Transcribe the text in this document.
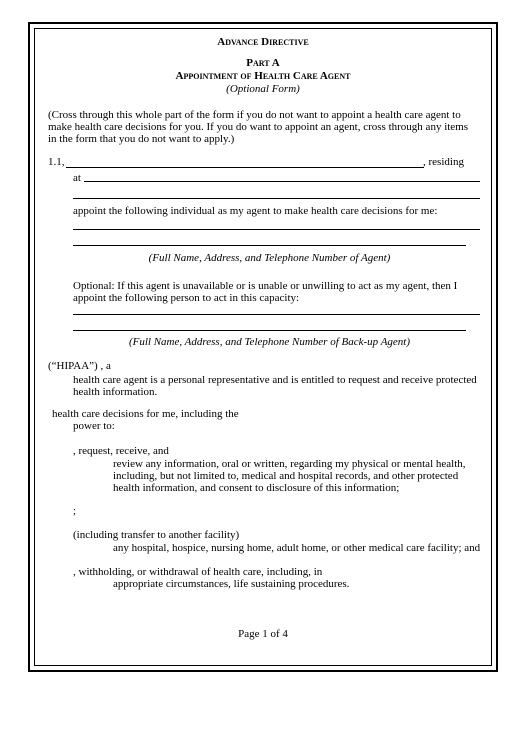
Advance Directive
Part A
Appointment of Health Care Agent
(Optional Form)
(Cross through this whole part of the form if you do not want to appoint a health care agent to
make health care decisions for you. If you do want to appoint an agent, cross through any items
in the form that you do not want to apply.)
1.1,	, residing
at
appoint the following individual as my agent to make health care decisions for me:
(Full Name, Address, and Telephone Number of Agent)
Optional: If this agent is unavailable or is unable or unwilling to act as my agent, then I
appoint the following person to act in this capacity:
(Full Name, Address, and Telephone Number of Back-up Agent)
(“HIPAA”) , a
health care agent is a personal representative and is entitled to request and receive protected
health information.
health care decisions for me, including the
power to:
, request, receive, and
review any information, oral or written, regarding my physical or mental health,
including, but not limited to, medical and hospital records, and other protected
health information, and consent to disclosure of this information;
;
(including transfer to another facility)
any hospital, hospice, nursing home, adult home, or other medical care facility; and
, withholding, or withdrawal of health care, including, in
appropriate circumstances, life sustaining procedures.
Page 1 of 4
